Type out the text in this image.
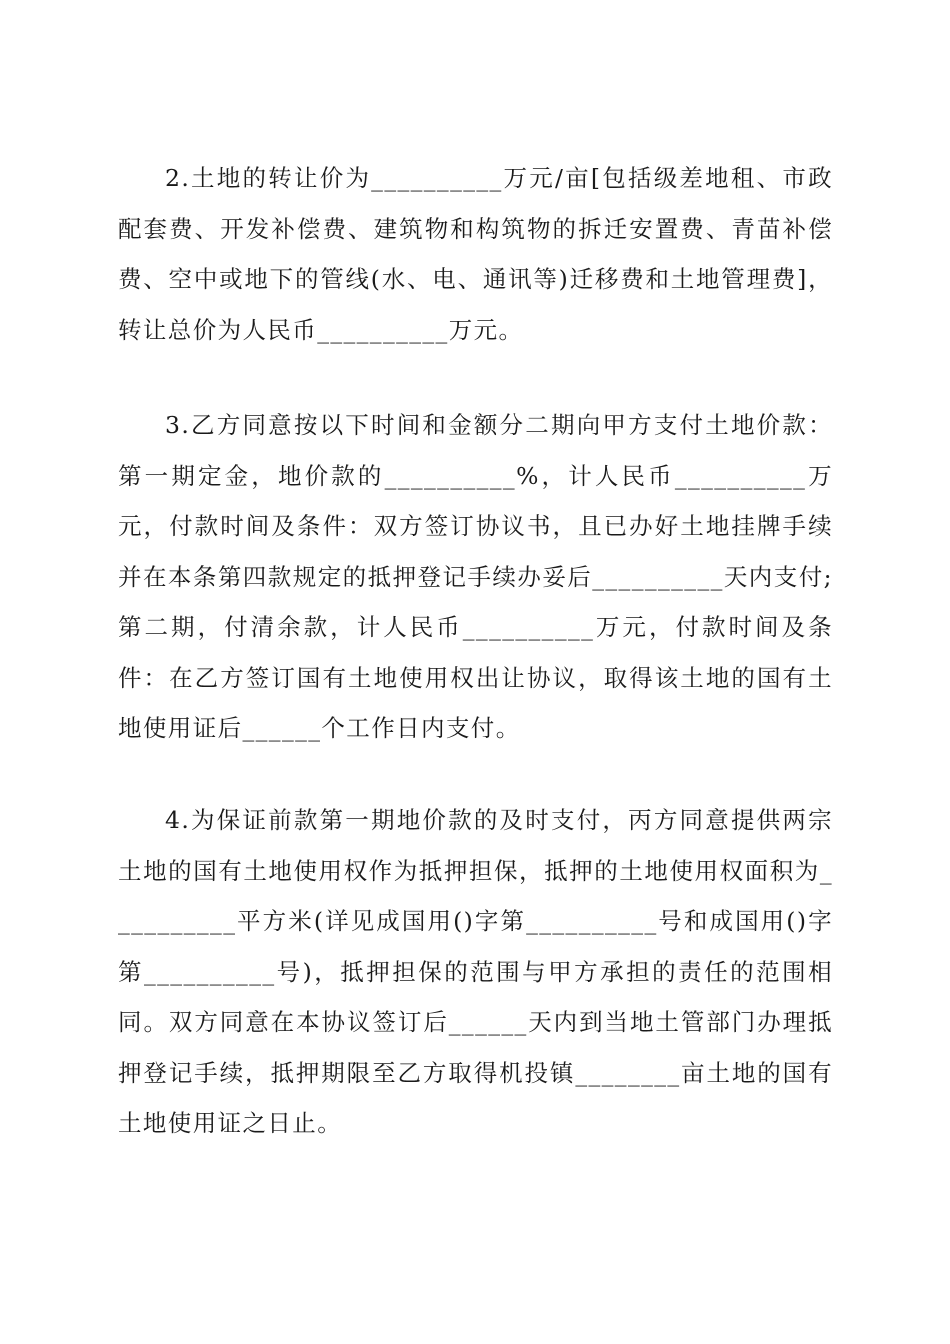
2.土地的转让价为__________万元/亩[包括级差地租、市政配套费、开发补偿费、建筑物和构筑物的拆迁安置费、青苗补偿费、空中或地下的管线(水、电、通讯等)迁移费和土地管理费]，转让总价为人民币__________万元。

3.乙方同意按以下时间和金额分二期向甲方支付土地价款：第一期定金，地价款的__________%，计人民币__________万元，付款时间及条件：双方签订协议书，且已办好土地挂牌手续并在本条第四款规定的抵押登记手续办妥后__________天内支付;第二期，付清余款，计人民币__________万元，付款时间及条件：在乙方签订国有土地使用权出让协议，取得该土地的国有土地使用证后______个工作日内支付。

4.为保证前款第一期地价款的及时支付，丙方同意提供两宗土地的国有土地使用权作为抵押担保，抵押的土地使用权面积为__________平方米(详见成国用()字第__________号和成国用()字第__________号)，抵押担保的范围与甲方承担的责任的范围相同。双方同意在本协议签订后______天内到当地土管部门办理抵押登记手续，抵押期限至乙方取得机投镇________亩土地的国有土地使用证之日止。
